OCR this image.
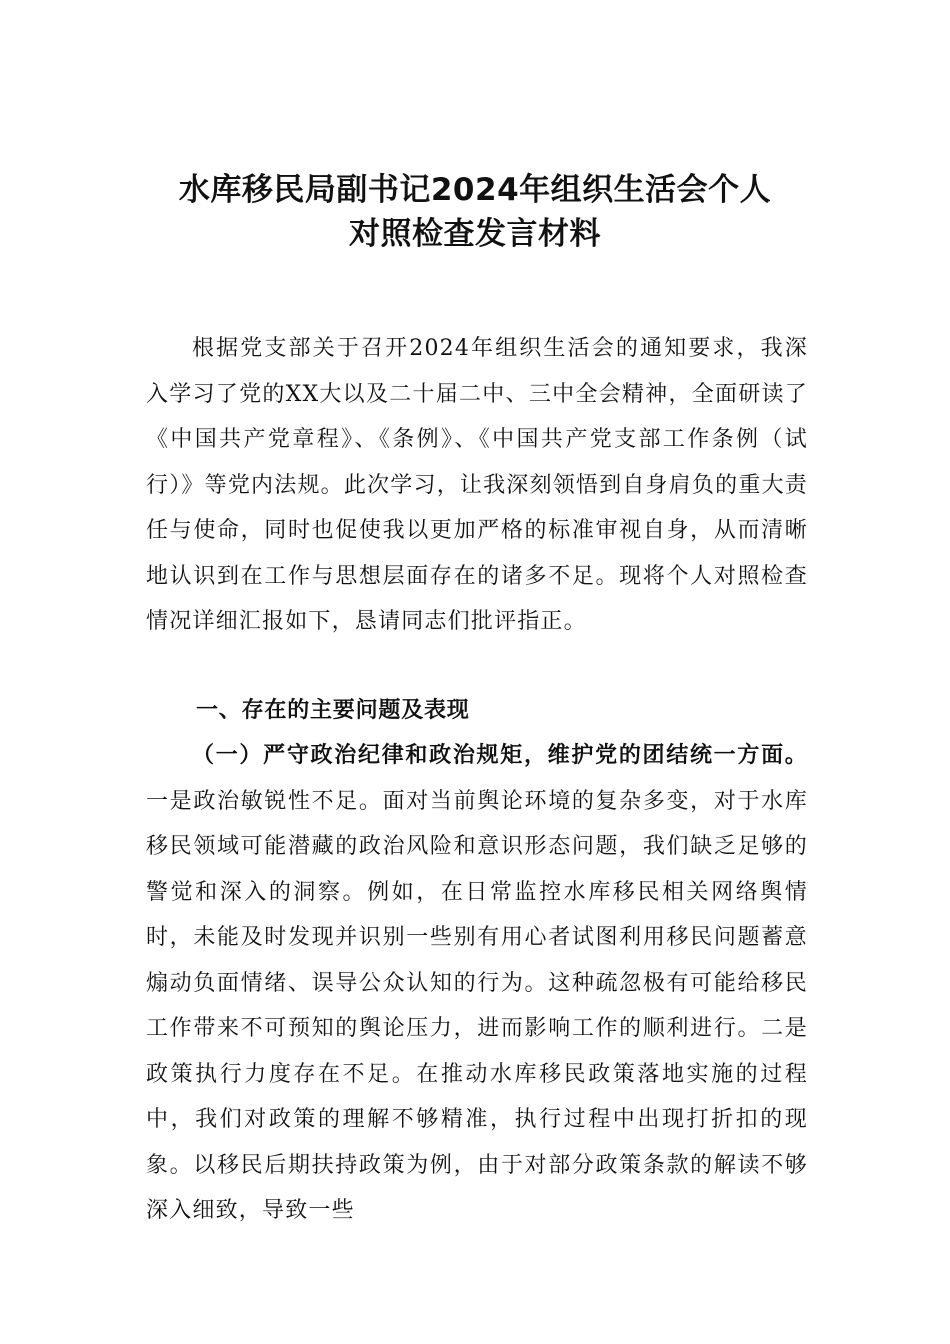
水库移民局副书记2024年组织生活会个人
对照检查发言材料

根据党支部关于召开2024年组织生活会的通知要求，我深入学习了党的XX大以及二十届二中、三中全会精神，全面研读了《中国共产党章程》、《条例》、《中国共产党支部工作条例（试行）》等党内法规。此次学习，让我深刻领悟到自身肩负的重大责任与使命，同时也促使我以更加严格的标准审视自身，从而清晰地认识到在工作与思想层面存在的诸多不足。现将个人对照检查情况详细汇报如下，恳请同志们批评指正。

一、存在的主要问题及表现

（一）严守政治纪律和政治规矩，维护党的团结统一方面。一是政治敏锐性不足。面对当前舆论环境的复杂多变，对于水库移民领域可能潜藏的政治风险和意识形态问题，我们缺乏足够的警觉和深入的洞察。例如，在日常监控水库移民相关网络舆情时，未能及时发现并识别一些别有用心者试图利用移民问题蓄意煽动负面情绪、误导公众认知的行为。这种疏忽极有可能给移民工作带来不可预知的舆论压力，进而影响工作的顺利进行。二是政策执行力度存在不足。在推动水库移民政策落地实施的过程中，我们对政策的理解不够精准，执行过程中出现打折扣的现象。以移民后期扶持政策为例，由于对部分政策条款的解读不够深入细致，导致一些
